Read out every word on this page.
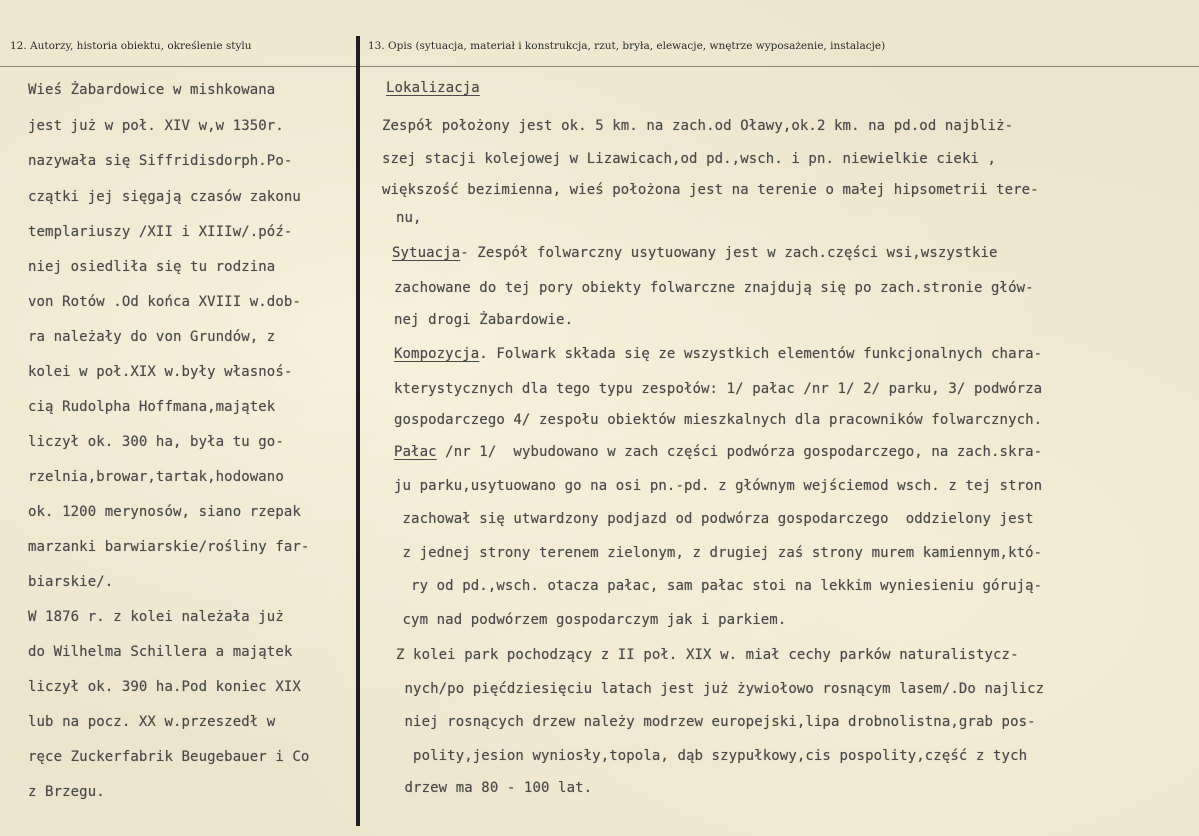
12. Autorzy, historia obiektu, określenie stylu	13. Opis (sytuacja, materiał i konstrukcja, rzut, bryła, elewacje, wnętrze wyposażenie, instalacje)

Wieś Żabardowice w mishkowana

jest już w poł. XIV w,w 1350r.

nazywała się Siffridisdorph.Po-

czątki jej sięgają czasów zakonu

templariuszy /XII i XIIIw/.póź-

niej osiedliła się tu rodzina

von Rotów .Od końca XVIII w.dob-

ra należały do von Grundów, z

kolei w poł.XIX w.były własnoś-

cią Rudolpha Hoffmana,majątek

liczył ok. 300 ha, była tu go-

rzelnia,browar,tartak,hodowano

ok. 1200 merynosów, siano rzepak

marzanki barwiarskie/rośliny far-

biarskie/.

W 1876 r. z kolei należała już

do Wilhelma Schillera a majątek

liczył ok. 390 ha.Pod koniec XIX

lub na pocz. XX w.przeszedł w

ręce Zuckerfabrik Beugebauer i Co

z Brzegu.

Lokalizacja

Zespół położony jest ok. 5 km. na zach.od Oławy,ok.2 km. na pd.od najbliż-

szej stacji kolejowej w Lizawicach,od pd.,wsch. i pn. niewielkie cieki ,

większość bezimienna, wieś położona jest na terenie o małej hipsometrii tere-

nu,

Sytuacja- Zespół folwarczny usytuowany jest w zach.części wsi,wszystkie

zachowane do tej pory obiekty folwarczne znajdują się po zach.stronie głów-

nej drogi Żabardowie.

Kompozycja. Folwark składa się ze wszystkich elementów funkcjonalnych chara-

kterystycznych dla tego typu zespołów: 1/ pałac /nr 1/ 2/ parku, 3/ podwórza

gospodarczego 4/ zespołu obiektów mieszkalnych dla pracowników folwarcznych.

Pałac /nr 1/  wybudowano w zach części podwórza gospodarczego, na zach.skra-

ju parku,usytuowano go na osi pn.-pd. z głównym wejściemod wsch. z tej stron

zachował się utwardzony podjazd od podwórza gospodarczego  oddzielony jest

z jednej strony terenem zielonym, z drugiej zaś strony murem kamiennym,któ-

ry od pd.,wsch. otacza pałac, sam pałac stoi na lekkim wyniesieniu górują-

cym nad podwórzem gospodarczym jak i parkiem.

Z kolei park pochodzący z II poł. XIX w. miał cechy parków naturalistycz-

nych/po pięćdziesięciu latach jest już żywiołowo rosnącym lasem/.Do najlicz

niej rosnących drzew należy modrzew europejski,lipa drobnolistna,grab pos-

polity,jesion wyniosły,topola, dąb szypułkowy,cis pospolity,część z tych

drzew ma 80 - 100 lat.
